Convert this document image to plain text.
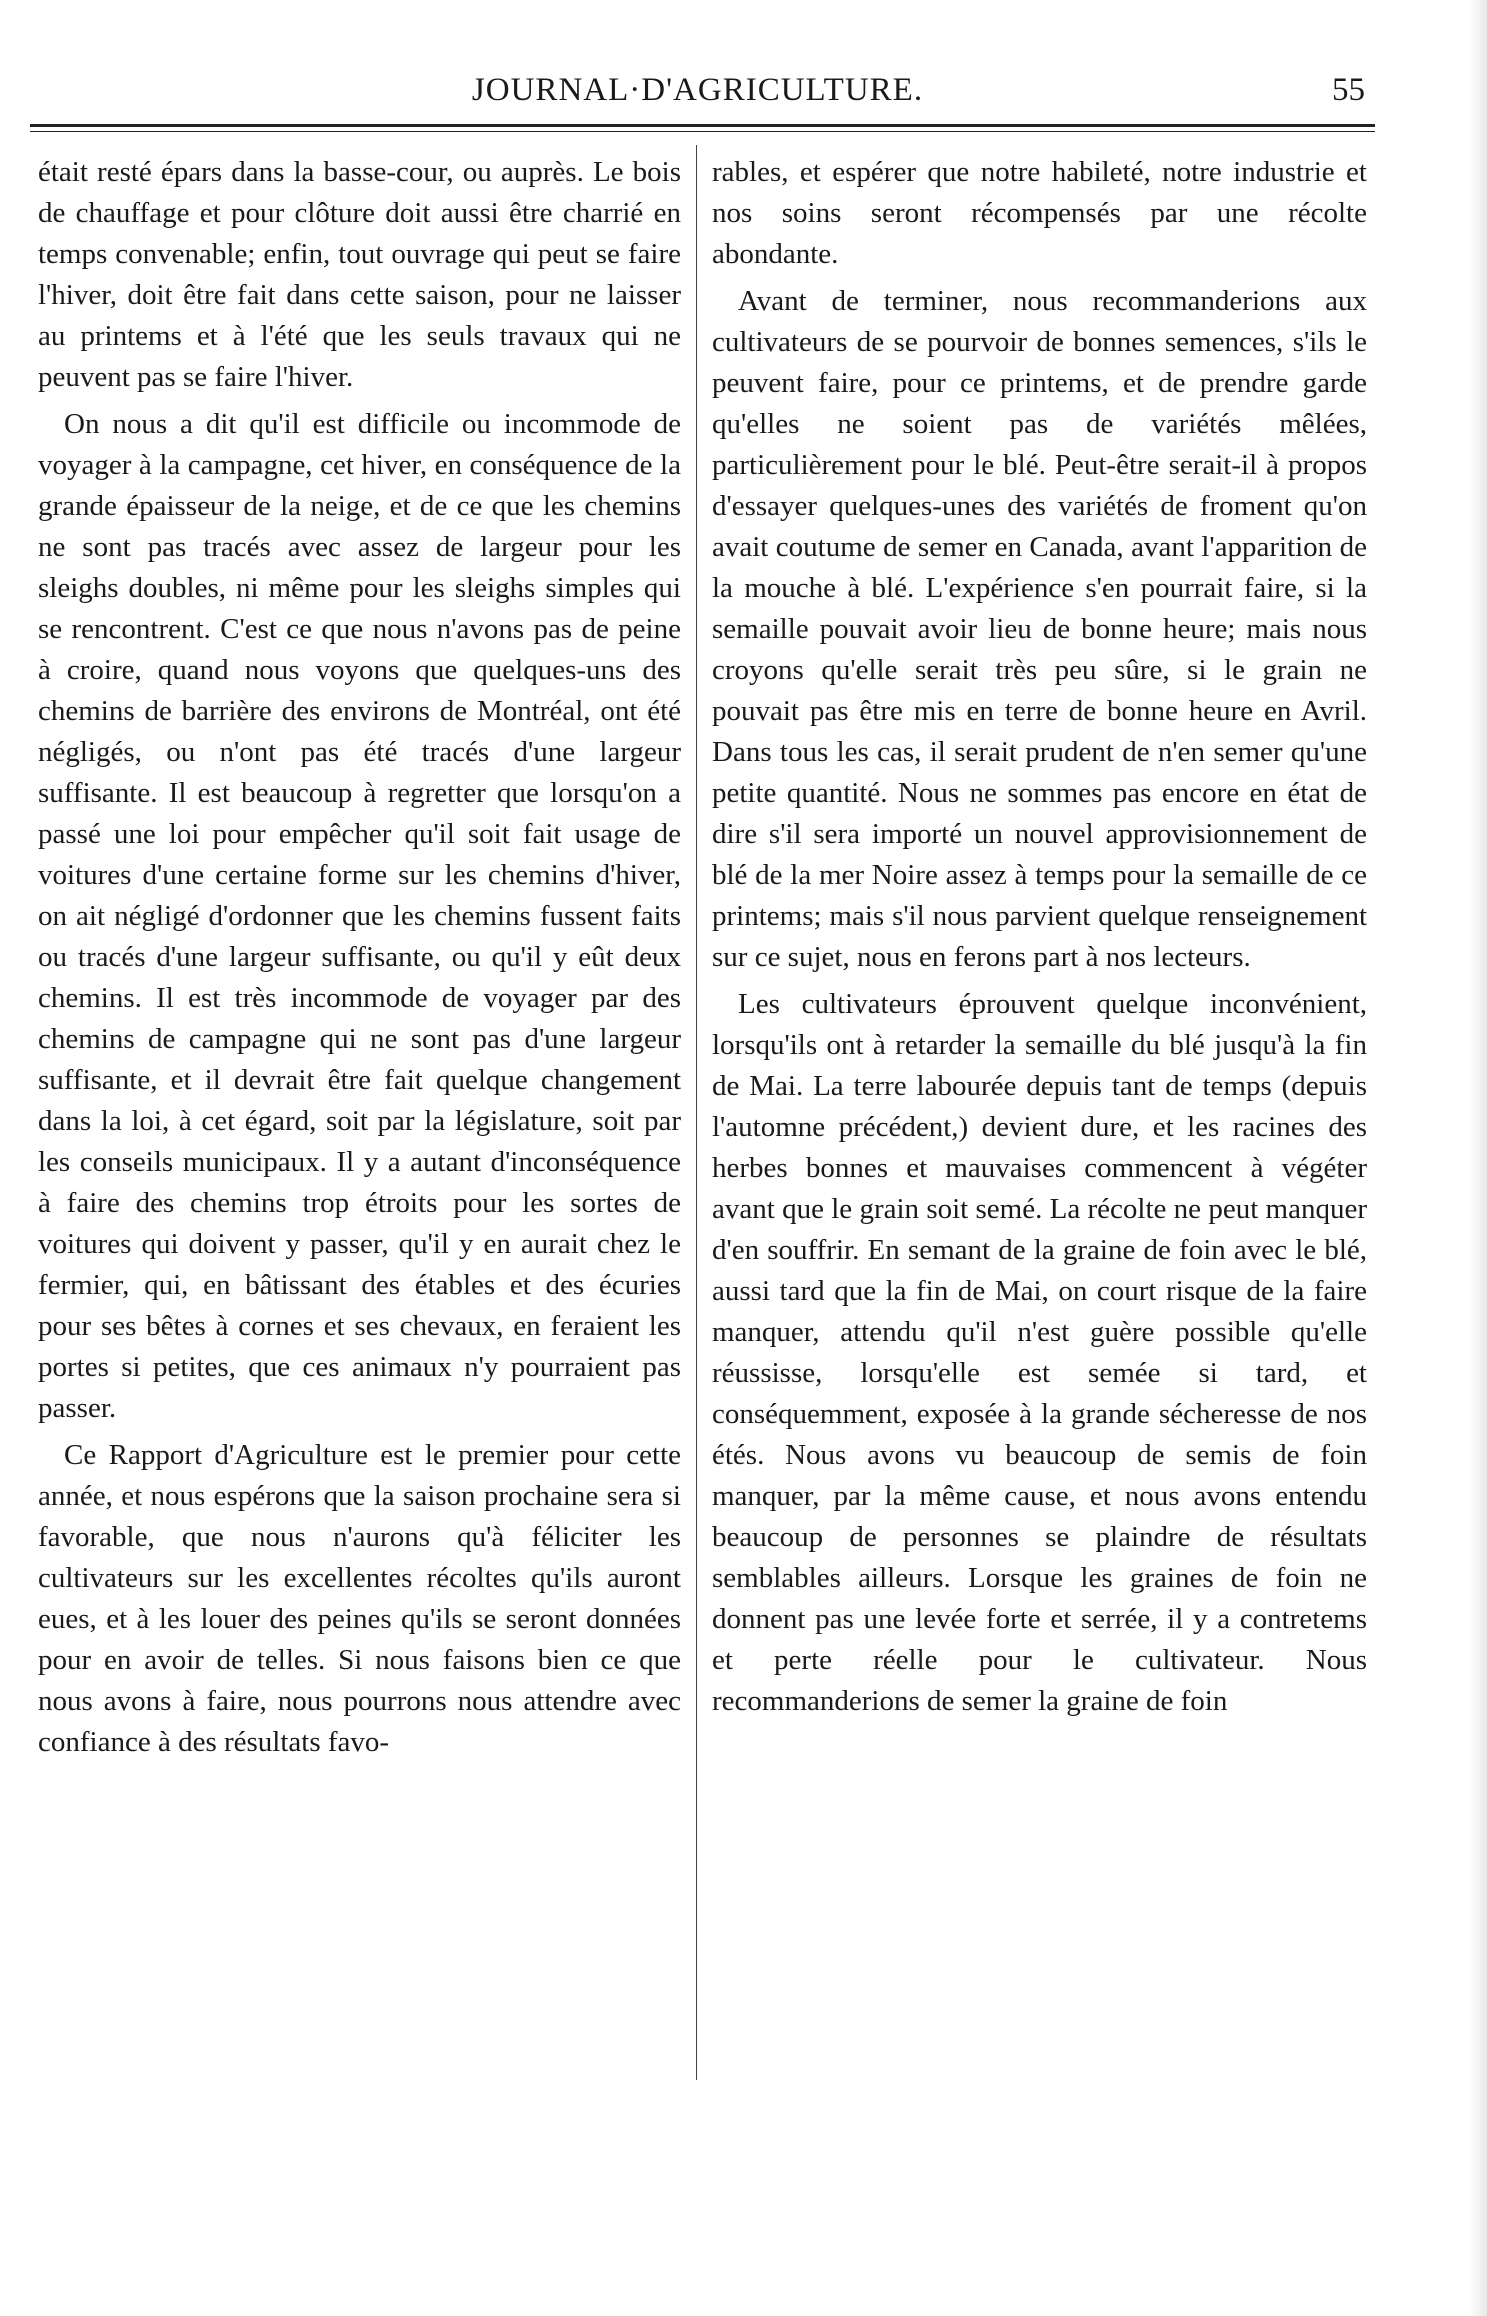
JOURNAL·D'AGRICULTURE.	55

était resté épars dans la basse-cour, ou auprès. Le bois de chauffage et pour clôture doit aussi être charrié en temps convenable; enfin, tout ouvrage qui peut se faire l'hiver, doit être fait dans cette saison, pour ne laisser au printems et à l'été que les seuls travaux qui ne peuvent pas se faire l'hiver.

On nous a dit qu'il est difficile ou incommode de voyager à la campagne, cet hiver, en conséquence de la grande épaisseur de la neige, et de ce que les chemins ne sont pas tracés avec assez de largeur pour les sleighs doubles, ni même pour les sleighs simples qui se rencontrent. C'est ce que nous n'avons pas de peine à croire, quand nous voyons que quelques-uns des chemins de barrière des environs de Montréal, ont été négligés, ou n'ont pas été tracés d'une largeur suffisante. Il est beaucoup à regretter que lorsqu'on a passé une loi pour empêcher qu'il soit fait usage de voitures d'une certaine forme sur les chemins d'hiver, on ait négligé d'ordonner que les chemins fussent faits ou tracés d'une largeur suffisante, ou qu'il y eût deux chemins. Il est très incommode de voyager par des chemins de campagne qui ne sont pas d'une largeur suffisante, et il devrait être fait quelque changement dans la loi, à cet égard, soit par la législature, soit par les conseils municipaux. Il y a autant d'inconséquence à faire des chemins trop étroits pour les sortes de voitures qui doivent y passer, qu'il y en aurait chez le fermier, qui, en bâtissant des étables et des écuries pour ses bêtes à cornes et ses chevaux, en feraient les portes si petites, que ces animaux n'y pourraient pas passer.

Ce Rapport d'Agriculture est le premier pour cette année, et nous espérons que la saison prochaine sera si favorable, que nous n'aurons qu'à féliciter les cultivateurs sur les excellentes récoltes qu'ils auront eues, et à les louer des peines qu'ils se seront données pour en avoir de telles. Si nous faisons bien ce que nous avons à faire, nous pourrons nous attendre avec confiance à des résultats favo-

rables, et espérer que notre habileté, notre industrie et nos soins seront récompensés par une récolte abondante.

Avant de terminer, nous recommanderions aux cultivateurs de se pourvoir de bonnes semences, s'ils le peuvent faire, pour ce printems, et de prendre garde qu'elles ne soient pas de variétés mêlées, particulièrement pour le blé. Peut-être serait-il à propos d'essayer quelques-unes des variétés de froment qu'on avait coutume de semer en Canada, avant l'apparition de la mouche à blé. L'expérience s'en pourrait faire, si la semaille pouvait avoir lieu de bonne heure; mais nous croyons qu'elle serait très peu sûre, si le grain ne pouvait pas être mis en terre de bonne heure en Avril. Dans tous les cas, il serait prudent de n'en semer qu'une petite quantité. Nous ne sommes pas encore en état de dire s'il sera importé un nouvel approvisionnement de blé de la mer Noire assez à temps pour la semaille de ce printems; mais s'il nous parvient quelque renseignement sur ce sujet, nous en ferons part à nos lecteurs.

Les cultivateurs éprouvent quelque inconvénient, lorsqu'ils ont à retarder la semaille du blé jusqu'à la fin de Mai. La terre labourée depuis tant de temps (depuis l'automne précédent,) devient dure, et les racines des herbes bonnes et mauvaises commencent à végéter avant que le grain soit semé. La récolte ne peut manquer d'en souffrir. En semant de la graine de foin avec le blé, aussi tard que la fin de Mai, on court risque de la faire manquer, attendu qu'il n'est guère possible qu'elle réussisse, lorsqu'elle est semée si tard, et conséquemment, exposée à la grande sécheresse de nos étés. Nous avons vu beaucoup de semis de foin manquer, par la même cause, et nous avons entendu beaucoup de personnes se plaindre de résultats semblables ailleurs. Lorsque les graines de foin ne donnent pas une levée forte et serrée, il y a contretems et perte réelle pour le cultivateur. Nous recommanderions de semer la graine de foin
